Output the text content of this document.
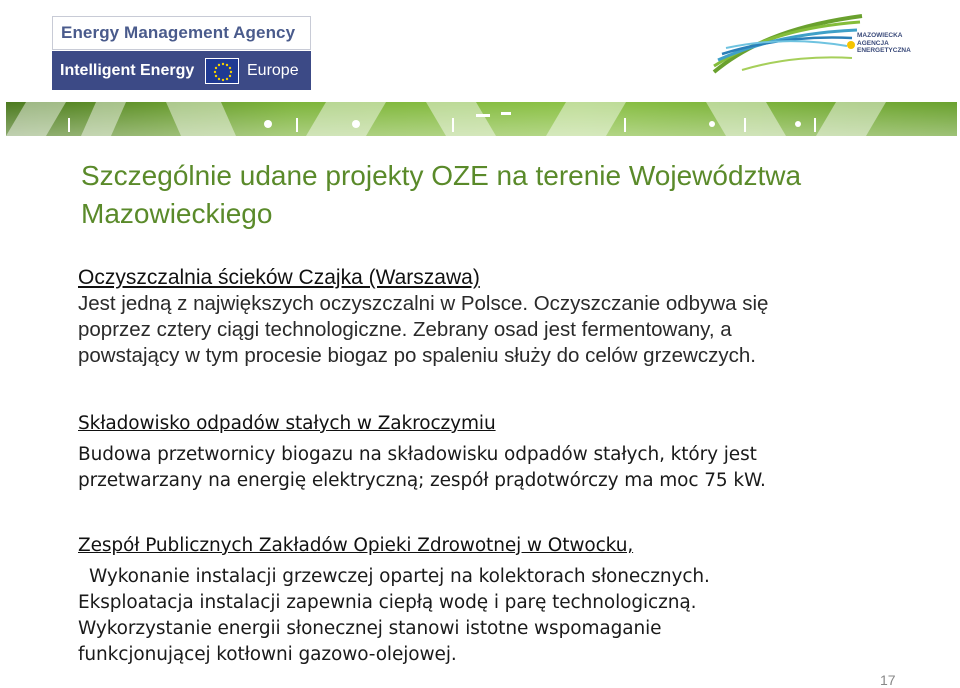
Energy Management Agency
Intelligent Energy	Europe
MAZOWIECKA
AGENCJA
ENERGETYCZNA
Szczególnie udane projekty OZE na terenie Województwa Mazowieckiego
Oczyszczalnia ścieków Czajka (Warszawa)
Jest jedną z największych oczyszczalni w Polsce. Oczyszczanie odbywa się
poprzez cztery ciągi technologiczne. Zebrany osad jest fermentowany, a
powstający w tym procesie biogaz po spaleniu służy do celów grzewczych.
Składowisko odpadów stałych w Zakroczymiu
Budowa przetwornicy biogazu na składowisku odpadów stałych, który jest
przetwarzany na energię elektryczną; zespół prądotwórczy ma moc 75 kW.
Zespół Publicznych Zakładów Opieki Zdrowotnej w Otwocku,
Wykonanie instalacji grzewczej opartej na kolektorach słonecznych.
Eksploatacja instalacji zapewnia ciepłą wodę i parę technologiczną.
Wykorzystanie energii słonecznej stanowi istotne wspomaganie
funkcjonującej kotłowni gazowo-olejowej.
17
